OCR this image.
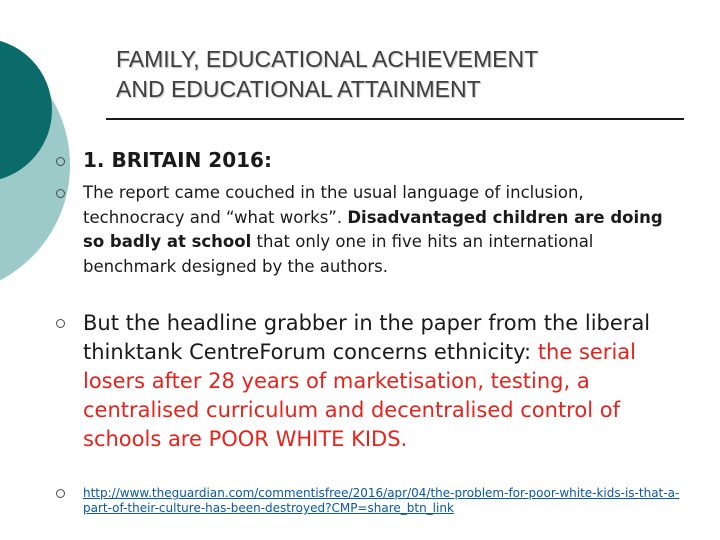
FAMILY, EDUCATIONAL ACHIEVEMENT
AND EDUCATIONAL ATTAINMENT
1. BRITAIN 2016:
The report came couched in the usual language of inclusion, technocracy and “what works”. Disadvantaged children are doing so badly at school that only one in five hits an international benchmark designed by the authors.
But the headline grabber in the paper from the liberal thinktank CentreForum concerns ethnicity: the serial losers after 28 years of marketisation, testing, a centralised curriculum and decentralised control of schools are POOR WHITE KIDS.
http://www.theguardian.com/commentisfree/2016/apr/04/the-problem-for-poor-white-kids-is-that-a-part-of-their-culture-has-been-destroyed?CMP=share_btn_link
